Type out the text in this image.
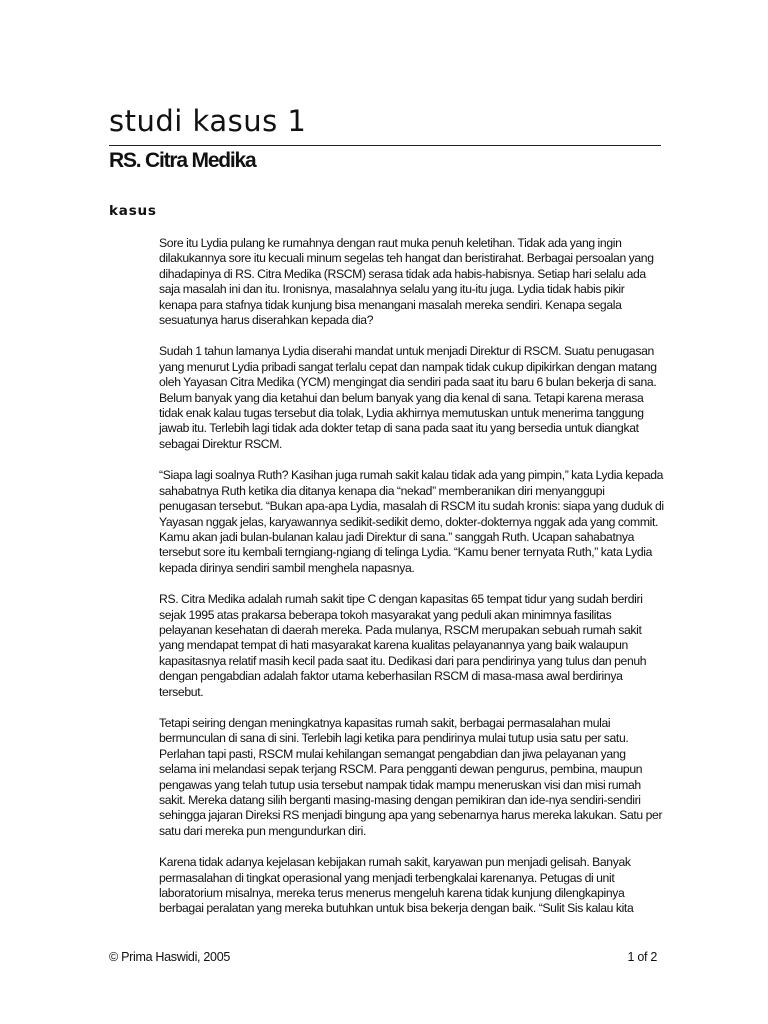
studi kasus 1
RS. Citra Medika
kasus

Sore itu Lydia pulang ke rumahnya dengan raut muka penuh keletihan. Tidak ada yang ingin dilakukannya sore itu kecuali minum segelas teh hangat dan beristirahat. Berbagai persoalan yang dihadapinya di RS. Citra Medika (RSCM) serasa tidak ada habis-habisnya. Setiap hari selalu ada saja masalah ini dan itu. Ironisnya, masalahnya selalu yang itu-itu juga. Lydia tidak habis pikir kenapa para stafnya tidak kunjung bisa menangani masalah mereka sendiri. Kenapa segala sesuatunya harus diserahkan kepada dia?

Sudah 1 tahun lamanya Lydia diserahi mandat untuk menjadi Direktur di RSCM. Suatu penugasan yang menurut Lydia pribadi sangat terlalu cepat dan nampak tidak cukup dipikirkan dengan matang oleh Yayasan Citra Medika (YCM) mengingat dia sendiri pada saat itu baru 6 bulan bekerja di sana. Belum banyak yang dia ketahui dan belum banyak yang dia kenal di sana. Tetapi karena merasa tidak enak kalau tugas tersebut dia tolak, Lydia akhirnya memutuskan untuk menerima tanggung jawab itu. Terlebih lagi tidak ada dokter tetap di sana pada saat itu yang bersedia untuk diangkat sebagai Direktur RSCM.

“Siapa lagi soalnya Ruth? Kasihan juga rumah sakit kalau tidak ada yang pimpin,” kata Lydia kepada sahabatnya Ruth ketika dia ditanya kenapa dia “nekad” memberanikan diri menyanggupi penugasan tersebut. “Bukan apa-apa Lydia, masalah di RSCM itu sudah kronis: siapa yang duduk di Yayasan nggak jelas, karyawannya sedikit-sedikit demo, dokter-dokternya nggak ada yang commit. Kamu akan jadi bulan-bulanan kalau jadi Direktur di sana.” sanggah Ruth. Ucapan sahabatnya tersebut sore itu kembali terngiang-ngiang di telinga Lydia. “Kamu bener ternyata Ruth,” kata Lydia kepada dirinya sendiri sambil menghela napasnya.

RS. Citra Medika adalah rumah sakit tipe C dengan kapasitas 65 tempat tidur yang sudah berdiri sejak 1995 atas prakarsa beberapa tokoh masyarakat yang peduli akan minimnya fasilitas pelayanan kesehatan di daerah mereka. Pada mulanya, RSCM merupakan sebuah rumah sakit yang mendapat tempat di hati masyarakat karena kualitas pelayanannya yang baik walaupun kapasitasnya relatif masih kecil pada saat itu. Dedikasi dari para pendirinya yang tulus dan penuh dengan pengabdian adalah faktor utama keberhasilan RSCM di masa-masa awal berdirinya tersebut.

Tetapi seiring dengan meningkatnya kapasitas rumah sakit, berbagai permasalahan mulai bermunculan di sana di sini. Terlebih lagi ketika para pendirinya mulai tutup usia satu per satu. Perlahan tapi pasti, RSCM mulai kehilangan semangat pengabdian dan jiwa pelayanan yang selama ini melandasi sepak terjang RSCM. Para pengganti dewan pengurus, pembina, maupun pengawas yang telah tutup usia tersebut nampak tidak mampu meneruskan visi dan misi rumah sakit. Mereka datang silih berganti masing-masing dengan pemikiran dan ide-nya sendiri-sendiri sehingga jajaran Direksi RS menjadi bingung apa yang sebenarnya harus mereka lakukan. Satu per satu dari mereka pun mengundurkan diri.

Karena tidak adanya kejelasan kebijakan rumah sakit, karyawan pun menjadi gelisah. Banyak permasalahan di tingkat operasional yang menjadi terbengkalai karenanya. Petugas di unit laboratorium misalnya, mereka terus menerus mengeluh karena tidak kunjung dilengkapinya berbagai peralatan yang mereka butuhkan untuk bisa bekerja dengan baik. “Sulit Sis kalau kita

© Prima Haswidi, 2005	1 of 2
